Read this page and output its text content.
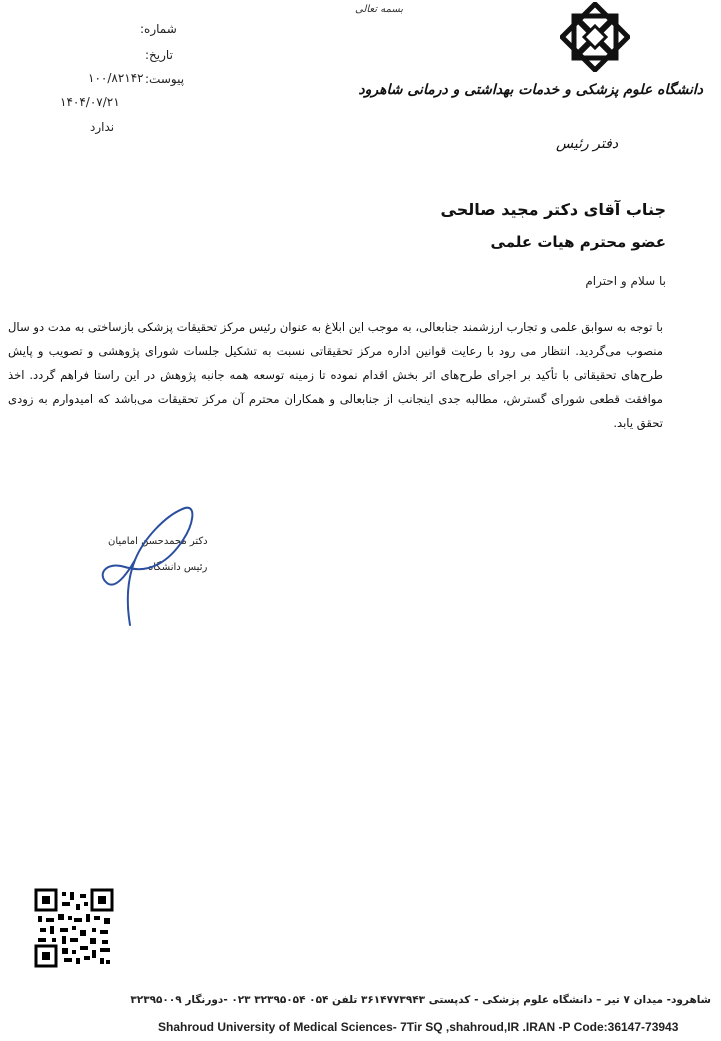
بسمه تعالی
شماره:
تاریخ:
پیوست:
۱۰۰/۸۲۱۴۲
۱۴۰۴/۰۷/۲۱
ندارد
دانشگاه علوم پزشکی و خدمات بهداشتی و درمانی شاهرود
دفتر رئیس
جناب آقای دکتر مجید صالحی
عضو محترم هیات علمی
با سلام و احترام
با توجه به سوابق علمی و تجارب ارزشمند جنابعالی، به موجب این ابلاغ به عنوان رئیس مرکز تحقیقات پزشکی بازساختی به مدت دو سال منصوب می‌گردید. انتظار می رود با رعایت قوانین اداره مرکز تحقیقاتی نسبت به تشکیل جلسات شورای پژوهشی و تصویب و پایش طرح‌های تحقیقاتی با تأکید بر اجرای طرح‌های اثر بخش اقدام نموده تا زمینه توسعه همه جانبه پژوهش در این راستا فراهم گردد. اخذ موافقت قطعی شورای گسترش، مطالبه جدی اینجانب از جنابعالی و همکاران محترم آن مرکز تحقیقات می‌باشد که امیدوارم به زودی تحقق یابد.
دکتر محمدحسن امامیان
رئیس دانشگاه
شاهرود- میدان ۷ تیر – دانشگاه علوم پزشکی - کدپستی ۳۶۱۴۷۷۳۹۴۳ تلفن ۰۵۴ ۳۲۳۹۵۰۵۴ ۰۲۳ -دورنگار ۳۲۳۹۵۰۰۹
Shahroud University of Medical Sciences- 7Tir SQ ,shahroud,IR .IRAN -P Code:36147-73943
